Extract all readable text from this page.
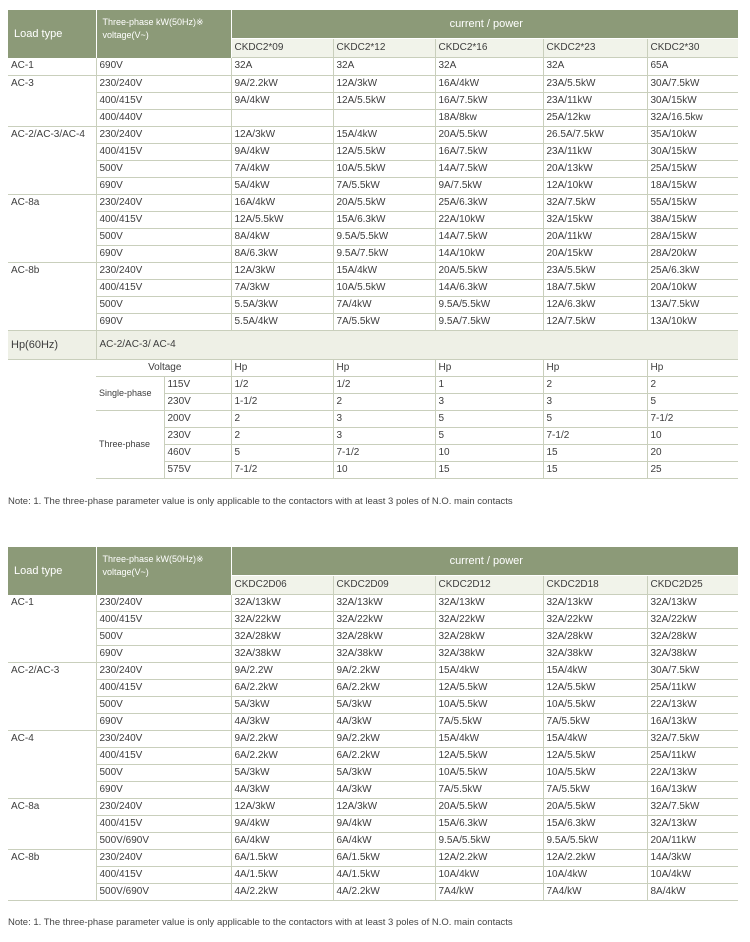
Load type	Three-phase kW(50Hz)※
voltage(V~)		current / power				
			CKDC2*09	CKDC2*12	CKDC2*16	CKDC2*23	CKDC2*30
AC-1	690V		32A	32A	32A	32A	65A
AC-3	230/240V		9A/2.2kW	12A/3kW	16A/4kW	23A/5.5kW	30A/7.5kW
	400/415V		9A/4kW	12A/5.5kW	16A/7.5kW	23A/11kW	30A/15kW
	400/440V				18A/8kw	25A/12kw	32A/16.5kw
AC-2/AC-3/AC-4	230/240V		12A/3kW	15A/4kW	20A/5.5kW	26.5A/7.5kW	35A/10kW
	400/415V		9A/4kW	12A/5.5kW	16A/7.5kW	23A/11kW	30A/15kW
	500V		7A/4kW	10A/5.5kW	14A/7.5kW	20A/13kW	25A/15kW
	690V		5A/4kW	7A/5.5kW	9A/7.5kW	12A/10kW	18A/15kW
AC-8a	230/240V		16A/4kW	20A/5.5kW	25A/6.3kW	32A/7.5kW	55A/15kW
	400/415V		12A/5.5kW	15A/6.3kW	22A/10kW	32A/15kW	38A/15kW
	500V		8A/4kW	9.5A/5.5kW	14A/7.5kW	20A/11kW	28A/15kW
	690V		8A/6.3kW	9.5A/7.5kW	14A/10kW	20A/15kW	28A/20kW
AC-8b	230/240V		12A/3kW	15A/4kW	20A/5.5kW	23A/5.5kW	25A/6.3kW
	400/415V		7A/3kW	10A/5.5kW	14A/6.3kW	18A/7.5kW	20A/10kW
	500V		5.5A/3kW	7A/4kW	9.5A/5.5kW	12A/6.3kW	13A/7.5kW
	690V		5.5A/4kW	7A/5.5kW	9.5A/7.5kW	12A/7.5kW	13A/10kW
Hp(60Hz)	AC-2/AC-3/ AC-4						
	Voltage		Hp	Hp	Hp	Hp	Hp
	Single-phase	115V	1/2	1/2	1	2	2
		230V	1-1/2	2	3	3	5
	Three-phase	200V	2	3	5	5	7-1/2
		230V	2	3	5	7-1/2	10
		460V	5	7-1/2	10	15	20
		575V	7-1/2	10	15	15	25
Note: 1. The three-phase parameter value is only applicable to the contactors with at least 3 poles of N.O. main contacts
Load type	Three-phase kW(50Hz)※
voltage(V~)	current / power				
		CKDC2D06	CKDC2D09	CKDC2D12	CKDC2D18	CKDC2D25
AC-1	230/240V	32A/13kW	32A/13kW	32A/13kW	32A/13kW	32A/13kW
	400/415V	32A/22kW	32A/22kW	32A/22kW	32A/22kW	32A/22kW
	500V	32A/28kW	32A/28kW	32A/28kW	32A/28kW	32A/28kW
	690V	32A/38kW	32A/38kW	32A/38kW	32A/38kW	32A/38kW
AC-2/AC-3	230/240V	9A/2.2W	9A/2.2kW	15A/4kW	15A/4kW	30A/7.5kW
	400/415V	6A/2.2kW	6A/2.2kW	12A/5.5kW	12A/5.5kW	25A/11kW
	500V	5A/3kW	5A/3kW	10A/5.5kW	10A/5.5kW	22A/13kW
	690V	4A/3kW	4A/3kW	7A/5.5kW	7A/5.5kW	16A/13kW
AC-4	230/240V	9A/2.2kW	9A/2.2kW	15A/4kW	15A/4kW	32A/7.5kW
	400/415V	6A/2.2kW	6A/2.2kW	12A/5.5kW	12A/5.5kW	25A/11kW
	500V	5A/3kW	5A/3kW	10A/5.5kW	10A/5.5kW	22A/13kW
	690V	4A/3kW	4A/3kW	7A/5.5kW	7A/5.5kW	16A/13kW
AC-8a	230/240V	12A/3kW	12A/3kW	20A/5.5kW	20A/5.5kW	32A/7.5kW
	400/415V	9A/4kW	9A/4kW	15A/6.3kW	15A/6.3kW	32A/13kW
	500V/690V	6A/4kW	6A/4kW	9.5A/5.5kW	9.5A/5.5kW	20A/11kW
AC-8b	230/240V	6A/1.5kW	6A/1.5kW	12A/2.2kW	12A/2.2kW	14A/3kW
	400/415V	4A/1.5kW	4A/1.5kW	10A/4kW	10A/4kW	10A/4kW
	500V/690V	4A/2.2kW	4A/2.2kW	7A4/kW	7A4/kW	8A/4kW
Note: 1. The three-phase parameter value is only applicable to the contactors with at least 3 poles of N.O. main contacts
